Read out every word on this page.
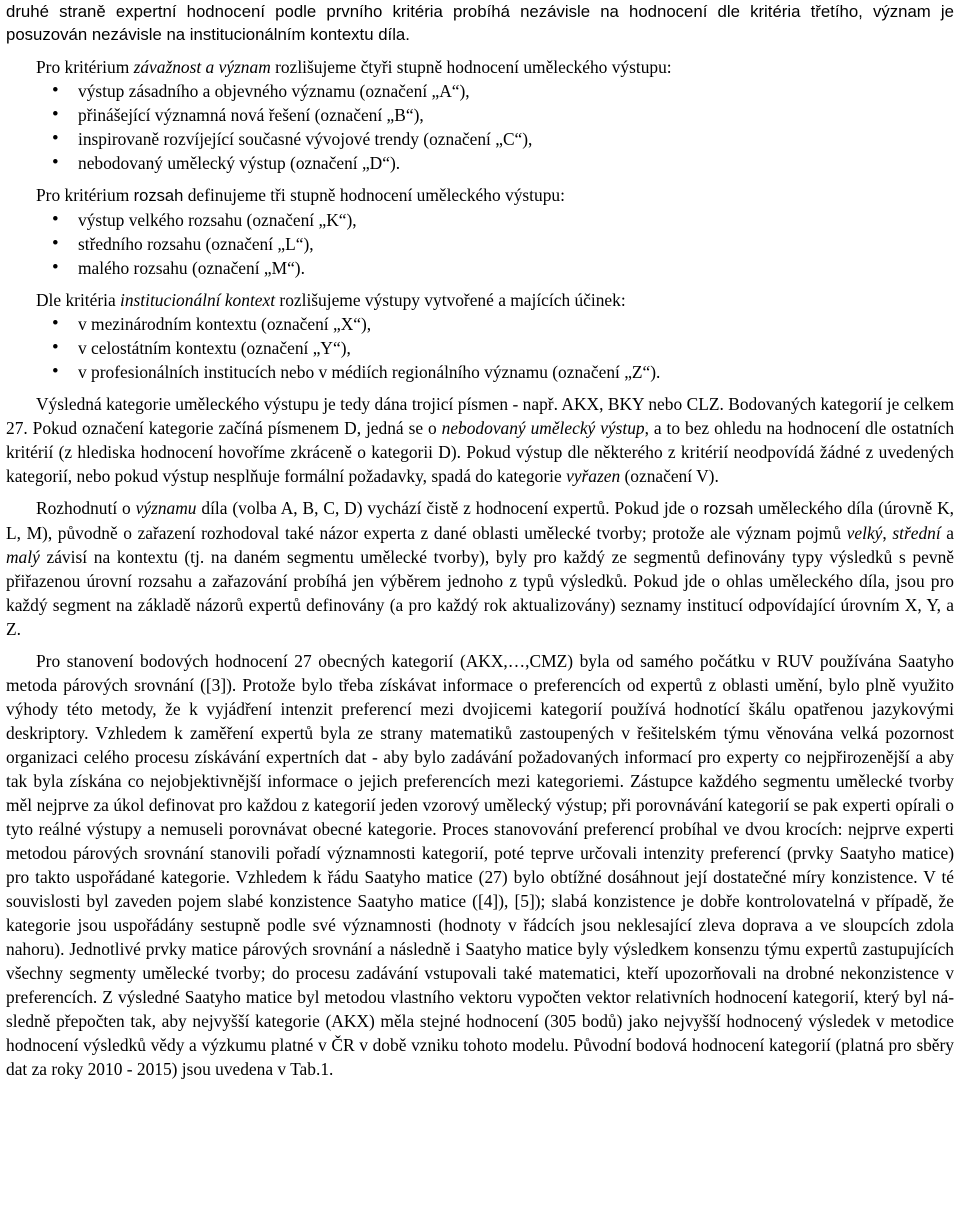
druhé straně expertní hodnocení podle prvního kritéria probíhá nezávisle na hodnocení dle kritéria třetího, význam je posuzován nezávisle na institucionálním kontextu díla.

Pro kritérium závažnost a význam rozlišujeme čtyři stupně hodnocení uměleckého výstupu:

• výstup zásadního a objevného významu (označení „A“),
• přinášející významná nová řešení (označení „B“),
• inspirovaně rozvíjející současné vývojové trendy (označení „C“),
• nebodovaný umělecký výstup (označení „D“).

Pro kritérium rozsah definujeme tři stupně hodnocení uměleckého výstupu:

• výstup velkého rozsahu (označení „K“),
• středního rozsahu (označení „L“),
• malého rozsahu (označení „M“).

Dle kritéria institucionální kontext rozlišujeme výstupy vytvořené a majících účinek:

• v mezinárodním kontextu (označení „X“),
• v celostátním kontextu (označení „Y“),
• v profesionálních institucích nebo v médiích regionálního významu (označení „Z“).

Výsledná kategorie uměleckého výstupu je tedy dána trojicí písmen - např. AKX, BKY nebo CLZ. Bodovaných kategorií je celkem 27. Pokud označení kategorie začíná písmenem D, jedná se o nebodovaný umělecký výstup, a to bez ohledu na hodnocení dle ostatních kritérií (z hlediska hodnocení hovoříme zkráceně o kategorii D). Pokud výstup dle některého z kritérií neodpovídá žádné z uvedených kategorií, nebo pokud výstup nesplňuje formální požadavky, spadá do kategorie vyřazen (označení V).

Rozhodnutí o významu díla (volba A, B, C, D) vychází čistě z hodnocení expertů. Pokud jde o rozsah uměleckého díla (úrovně K, L, M), původně o zařazení rozhodoval také názor experta z dané oblasti umělecké tvorby; protože ale význam pojmů velký, střední a malý závisí na kontextu (tj. na daném segmentu umělecké tvorby), byly pro každý ze segmentů definovány typy výsledků s pevně přiřazenou úrovní rozsahu a zařazování probíhá jen výběrem jednoho z typů výsledků. Pokud jde o ohlas uměleckého díla, jsou pro každý segment na základě názorů expertů definovány (a pro každý rok aktualizovány) seznamy institucí odpovídající úrovním X, Y, a Z.

Pro stanovení bodových hodnocení 27 obecných kategorií (AKX,…,CMZ) byla od samého počátku v RUV používána Saatyho metoda párových srovnání ([3]). Protože bylo třeba získávat informace o preferencích od expertů z oblasti umění, bylo plně využito výhody této metody, že k vyjádření intenzit preferencí mezi dvojicemi kategorií používá hodnotící škálu opatřenou jazykovými deskriptory. Vzhledem k zaměření expertů byla ze strany matematiků zastoupených v řešitelském týmu věnována velká pozornost organizaci celého procesu získávání expertních dat - aby bylo zadávání požadovaných informací pro experty co nejpřirozenější a aby tak byla získána co nejobjektivnější informace o jejich preferencích mezi kategoriemi. Zástupce každého segmentu umělecké tvorby měl nejprve za úkol definovat pro každou z kategorií jeden vzorový umělecký výstup; při porovnávání kategorií se pak experti opírali o tyto reálné výstupy a nemuseli porovnávat obecné kategorie. Proces stanovování preferencí probíhal ve dvou krocích: nejprve experti metodou párových srovnání stanovili pořadí významnosti kategorií, poté teprve určovali intenzity preferencí (prvky Saatyho matice) pro takto uspořádané kategorie. Vzhledem k řádu Saatyho matice (27) bylo obtížné dosáhnout její dostatečné míry konzistence. V té souvislosti byl zaveden pojem slabé konzistence Saatyho matice ([4]), [5]); slabá konzistence je dobře kontrolovatelná v případě, že kategorie jsou uspořádány sestupně podle své významnosti (hodnoty v řádcích jsou neklesající zleva doprava a ve sloupcích zdola nahoru). Jednotlivé prvky matice párových srovnání a následně i Saatyho matice byly výsledkem konsenzu týmu expertů zastupujících všechny segmenty umělecké tvorby; do procesu zadávání vstupovali také matematici, kteří upozorňovali na drobné nekonzistence v preferencích. Z výsledné Saatyho matice byl metodou vlastního vektoru vypočten vektor relativních hodnocení kategorií, který byl následně přepočten tak, aby nejvyšší kategorie (AKX) měla stejné hodnocení (305 bodů) jako nejvyšší hodnocený výsledek v metodice hodnocení výsledků vědy a výzkumu platné v ČR v době vzniku tohoto modelu. Původní bodová hodnocení kategorií (platná pro sběry dat za roky 2010 - 2015) jsou uvedena v Tab.1.
